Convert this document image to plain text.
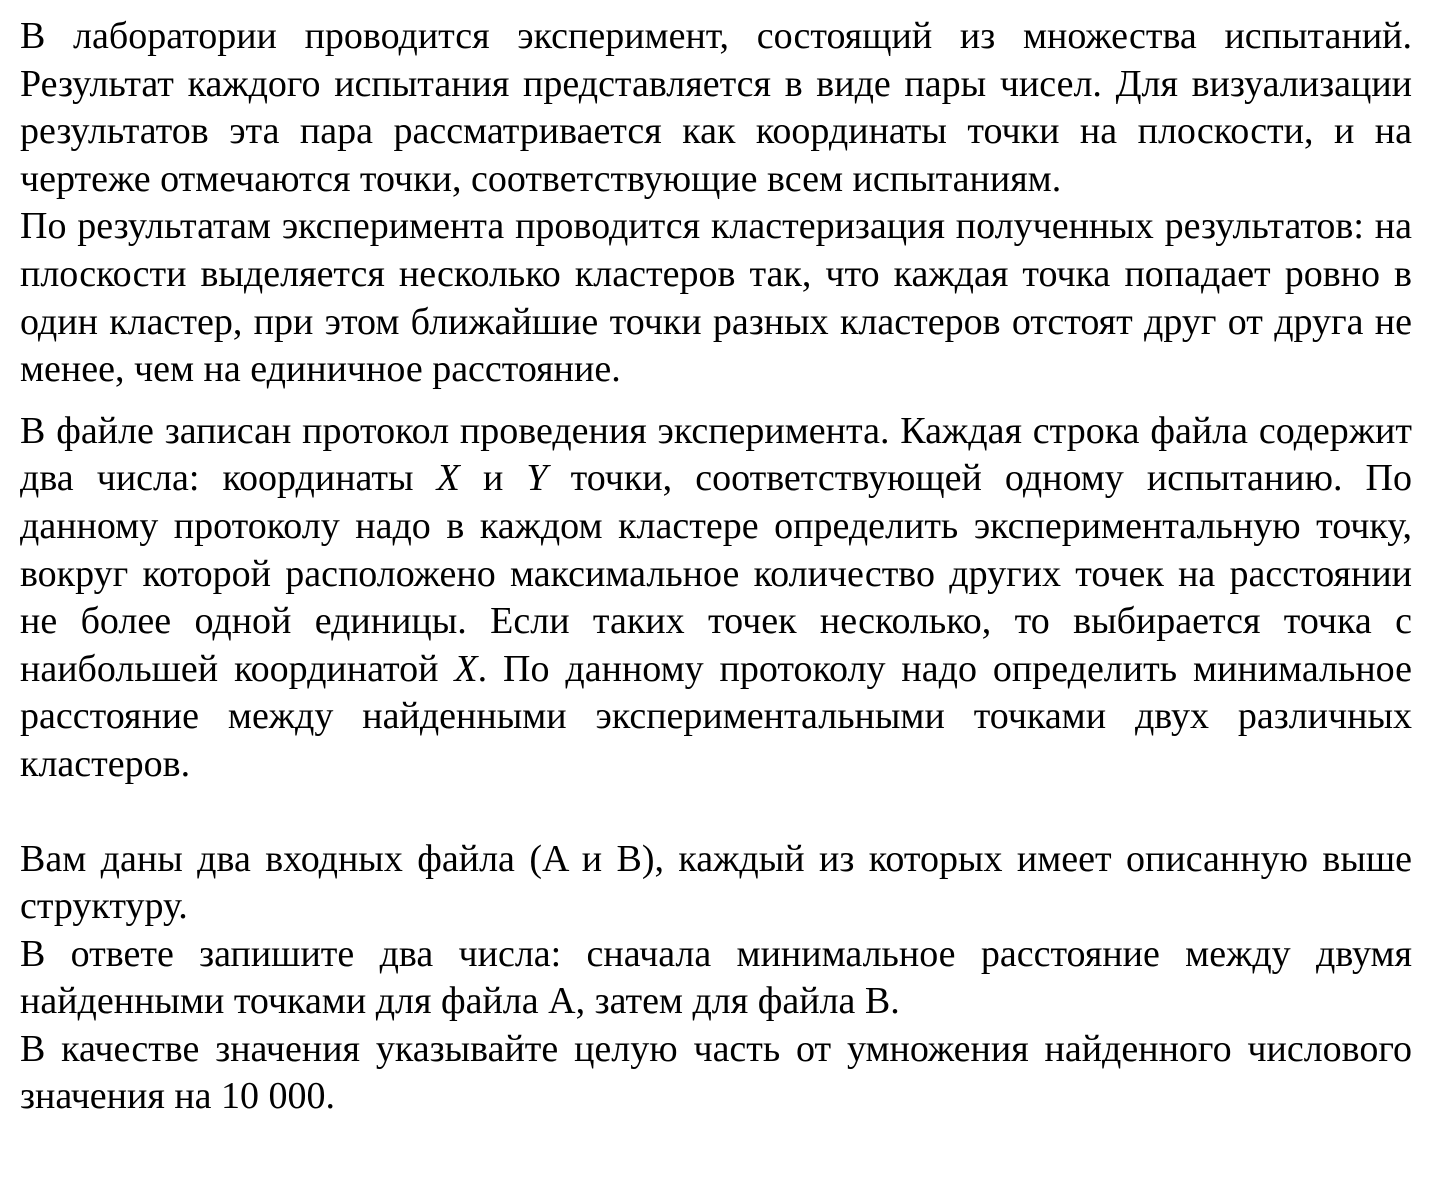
В лаборатории проводится эксперимент, состоящий из множества испытаний. Результат каждого испытания представляется в виде пары чисел. Для визуализации результатов эта пара рассматривается как координаты точки на плоскости, и на чертеже отмечаются точки, соответствующие всем испытаниям.

По результатам эксперимента проводится кластеризация полученных результатов: на плоскости выделяется несколько кластеров так, что каждая точка попадает ровно в один кластер, при этом ближайшие точки разных кластеров отстоят друг от друга не менее, чем на единичное расстояние.

В файле записан протокол проведения эксперимента. Каждая строка файла содержит два числа: координаты X и Y точки, соответствующей одному испытанию. По данному протоколу надо в каждом кластере определить экспериментальную точку, вокруг которой расположено максимальное количество других точек на расстоянии не более одной единицы. Если таких точек несколько, то выбирается точка с наибольшей координатой X. По данному протоколу надо определить минимальное расстояние между найденными экспериментальными точками двух различных кластеров.

Вам даны два входных файла (A и B), каждый из которых имеет описанную выше структуру.

В ответе запишите два числа: сначала минимальное расстояние между двумя найденными точками для файла A, затем для файла B.

В качестве значения указывайте целую часть от умножения найденного числового значения на 10 000.
